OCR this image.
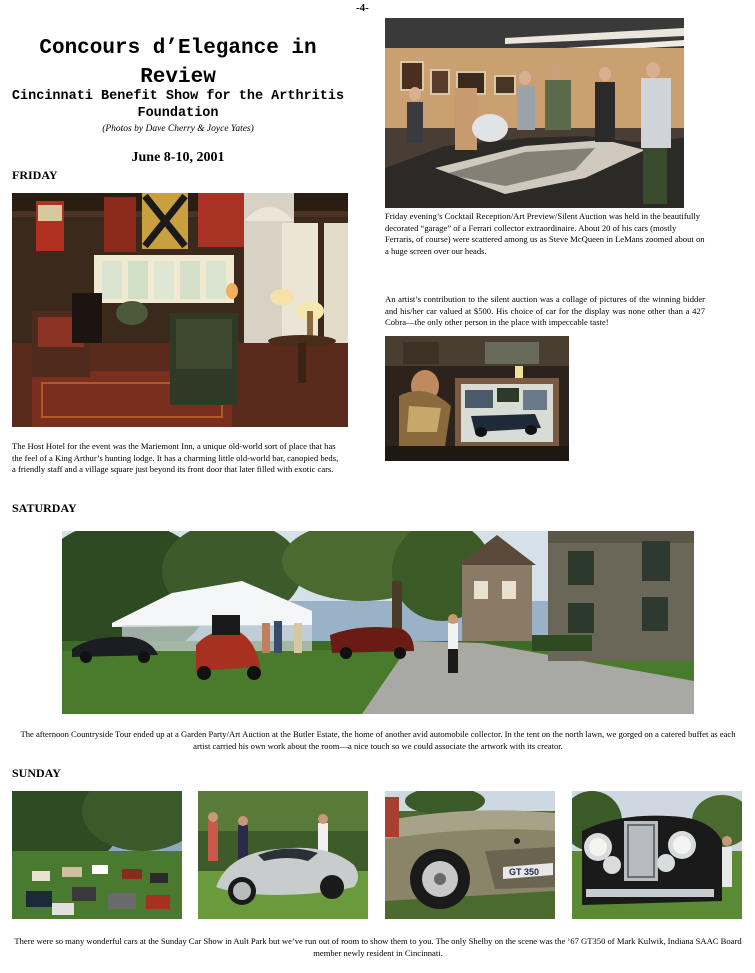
-4-
Concours d’Elegance in Review
Cincinnati Benefit Show for the Arthritis Foundation
(Photos by Dave Cherry & Joyce Yates)
June 8-10, 2001
FRIDAY
The Host Hotel for the event was the Mariemont Inn, a unique old-world sort of place that has the feel of a King Arthur’s hunting lodge. It has a charming little old-world bar, canopied beds, a friendly staff and a village square just beyond its front door that later filled with exotic cars.
Friday evening’s Cocktail Reception/Art Preview/Silent Auction was held in the beautifully decorated “garage” of a Ferrari collector extraordinaire. About 20 of his cars (mostly Ferraris, of course) were scattered among us as Steve McQueen in LeMans zoomed about on a huge screen over our heads.
An artist’s contribution to the silent auction was a collage of pictures of the winning bidder and his/her car valued at $500. His choice of car for the display was none other than a 427 Cobra—the only other person in the place with impeccable taste!
SATURDAY
The afternoon Countryside Tour ended up at a Garden Party/Art Auction at the Butler Estate, the home of another avid automobile collector. In the tent on the north lawn, we gorged on a catered buffet as each artist carried his own work about the room—a nice touch so we could associate the artwork with its creator.
SUNDAY
GT 350
There were so many wonderful cars at the Sunday Car Show in Ault Park but we’ve run out of room to show them to you. The only Shelby on the scene was the ’67 GT350 of Mark Kulwik, Indiana SAAC Board member newly resident in Cincinnati.
